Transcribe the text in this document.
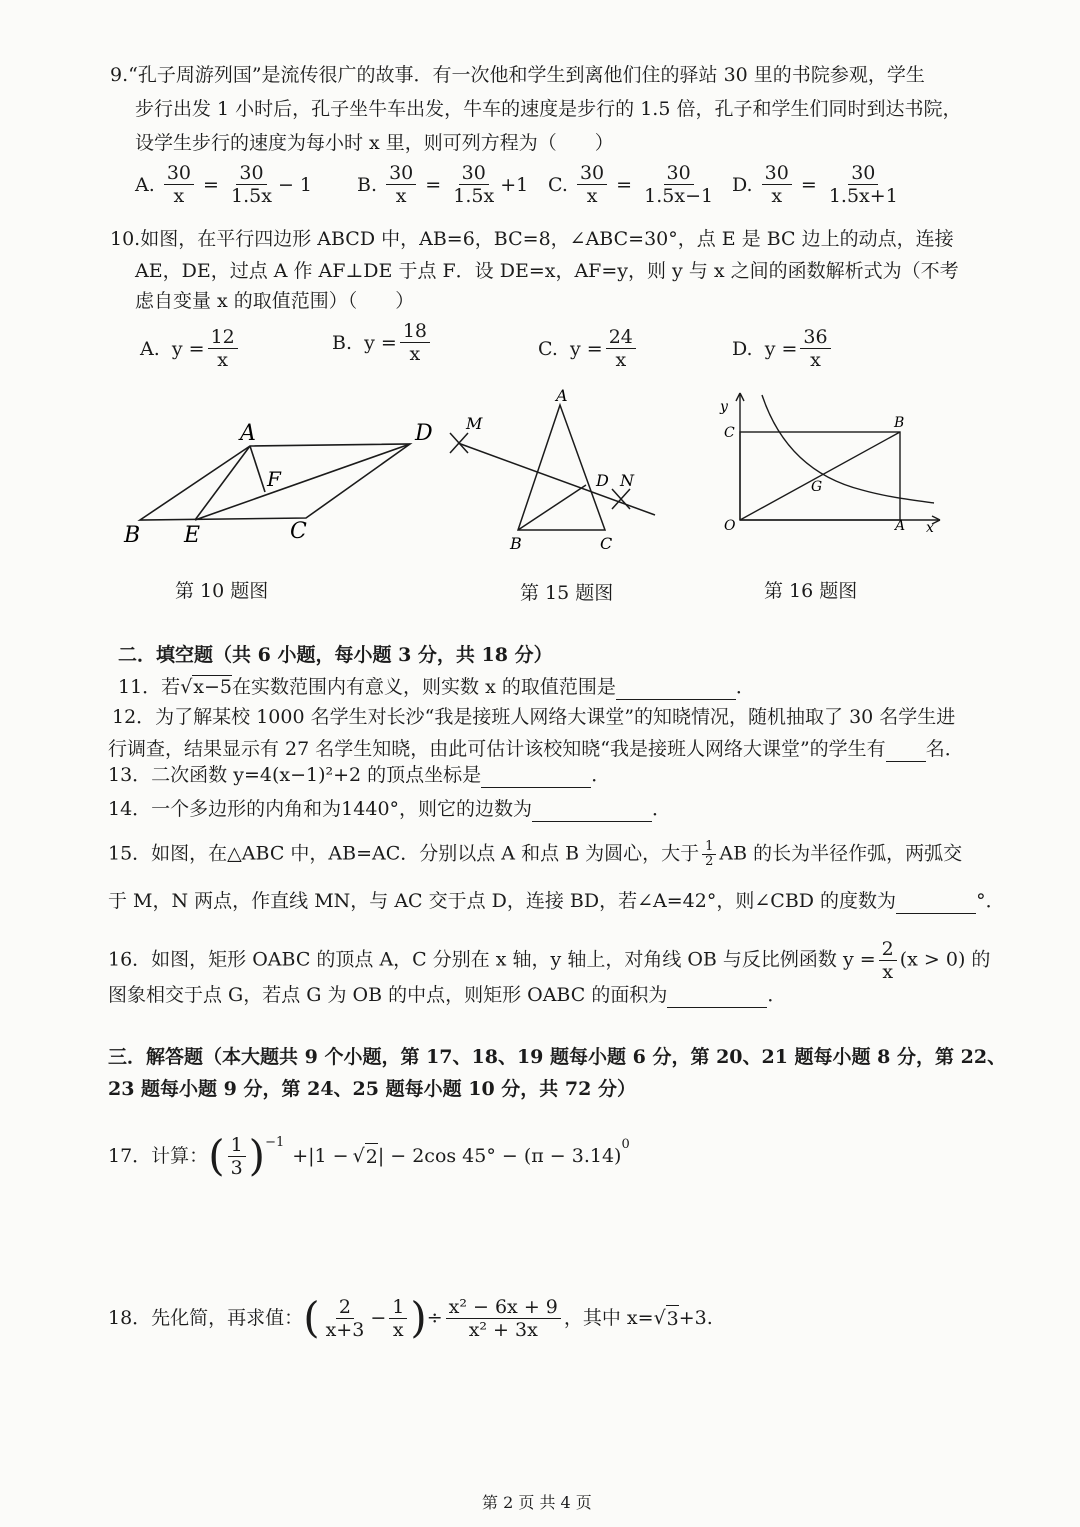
9.“孔子周游列国”是流传很广的故事．有一次他和学生到离他们住的驿站 30 里的书院参观，学生
步行出发 1 小时后，孔子坐牛车出发，牛车的速度是步行的 1.5 倍，孔子和学生们同时到达书院，
设学生步行的速度为每小时 x 里，则可列方程为（　　）
A.
$\frac{30}{x} = \frac{30}{1.5x} - 1$ B.
$\frac{30}{x} = \frac{30}{1.5x} +1$ C.
$\frac{30}{x} = \frac{30}{1.5x-1} D$.
$\frac{30}{x} = \frac{30}{1.5x+1}$
10.如图，在平行四边形 ABCD 中，AB=6，BC=8，∠ABC=30°，点 E 是 BC 边上的动点，连接
AE，DE，过点 A 作 AF⊥DE 于点 F．设 DE=x，AF=y，则 y 与 x 之间的函数解析式为（不考
虑自变量 x 的取值范围）（　　）
A.
$y = \frac{12}{x}$	B.
$y = \frac{18}{x}$	C.
$y = \frac{24}{x}$	D.
$y = \frac{36}{x}$
A	D
F
B E	C
第 10 题图
A
M
D N
B	C
第 15 题图
y
C
B
G
O	A x
第 16 题图
二．填空题（共 6 小题，每小题 3 分，共 18 分）
11．若√x−5在实数范围内有意义，则实数 x 的取值范围是	．
12．为了解某校 1000 名学生对长沙“我是接班人网络大课堂”的知晓情况，随机抽取了 30 名学生进
行调查，结果显示有 27 名学生知晓，由此可估计该校知晓“我是接班人网络大课堂”的学生有 名．
13．二次函数 y=4(x−1)²+2 的顶点坐标是	．
14．一个多边形的内角和为1440°，则它的边数为	．
15．如图，在△ABC 中，AB=AC．分别以点 A 和点 B 为圆心，大于 $\frac{1}{2}$ AB 的长为半径作弧，两弧交
于 M，N 两点，作直线 MN，与 AC 交于点 D，连接 BD，若∠A=42°，则∠CBD 的度数为	°．
16．如图，矩形 OABC 的顶点 A，C 分别在 x 轴，y 轴上，对角线 OB 与反比例函数 $y = \frac{2}{x} (x > 0)$ 的
图象相交于点 G，若点 G 为 OB 的中点，则矩形 OABC 的面积为	．
三．解答题（本大题共 9 个小题，第 17、18、19 题每小题 6 分，第 20、21 题每小题 8 分，第 22、
23 题每小题 9 分，第 24、25 题每小题 10 分，共 72 分）
17．计算： ( $\frac{1}{3} )^{-1}$
+|1 − √ 2 | − 2cos 45° − (π − 3.14)
$^0$
18．先化简，再求值： ( $\frac{2}{x+3} - \frac{1}{x}$ ) ÷ $\frac{\text{x² − 6x + 9}}{\text{x² + 3x}}$ ，其中 x= √ 3 +3.
第 2 页 共 4 页
